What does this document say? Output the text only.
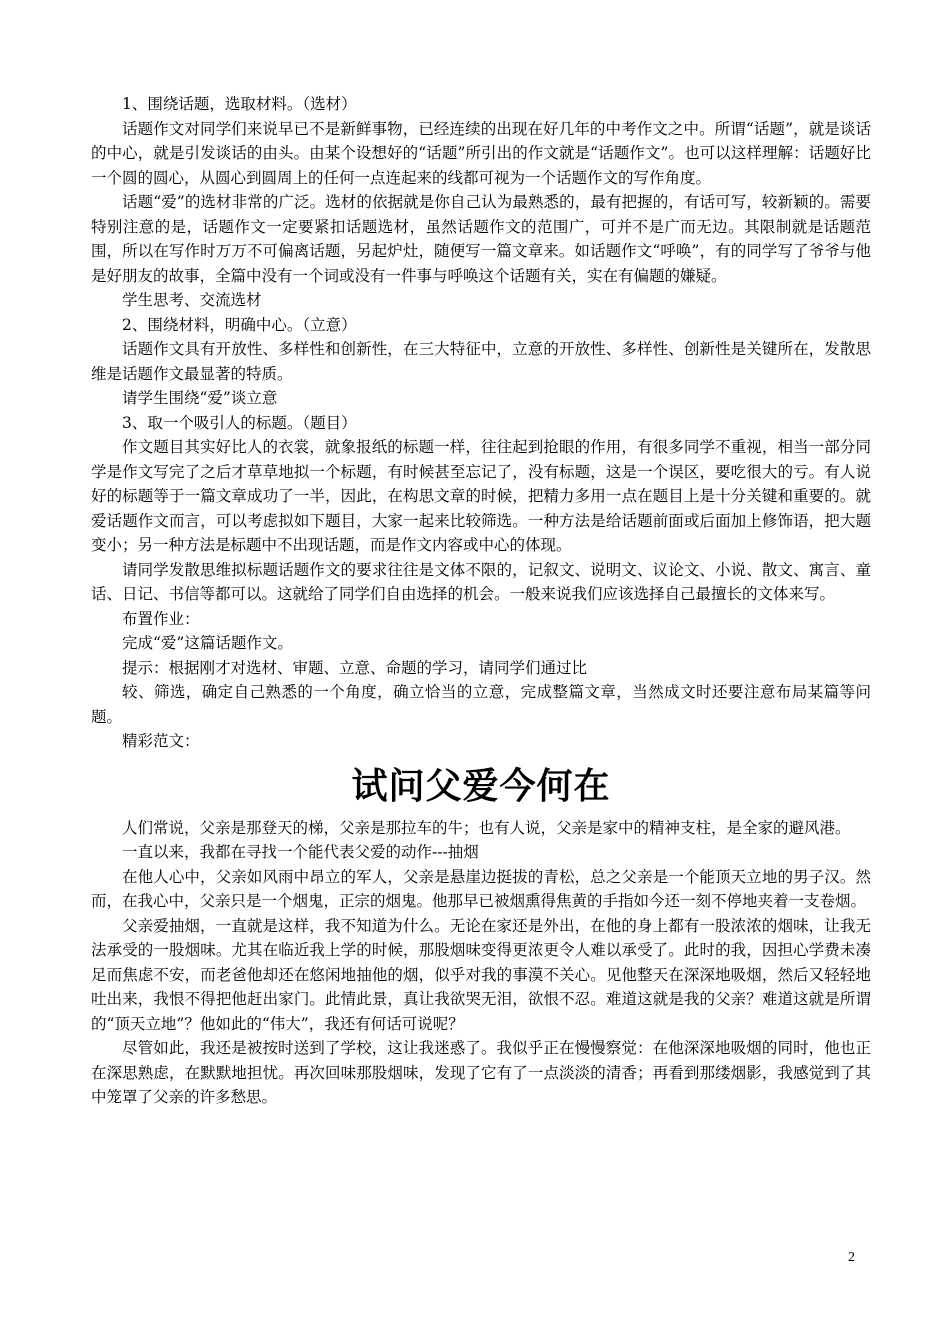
1、围绕话题，选取材料。（选材）

话题作文对同学们来说早已不是新鲜事物，已经连续的出现在好几年的中考作文之中。所谓“话题”，就是谈话的中心，就是引发谈话的由头。由某个设想好的“话题”所引出的作文就是“话题作文”。也可以这样理解：话题好比一个圆的圆心，从圆心到圆周上的任何一点连起来的线都可视为一个话题作文的写作角度。

话题“爱”的选材非常的广泛。选材的依据就是你自己认为最熟悉的，最有把握的，有话可写，较新颖的。需要特别注意的是，话题作文一定要紧扣话题选材，虽然话题作文的范围广，可并不是广而无边。其限制就是话题范围，所以在写作时万万不可偏离话题，另起炉灶，随便写一篇文章来。如话题作文“呼唤”，有的同学写了爷爷与他是好朋友的故事，全篇中没有一个词或没有一件事与呼唤这个话题有关，实在有偏题的嫌疑。

学生思考、交流选材

2、围绕材料，明确中心。（立意）

话题作文具有开放性、多样性和创新性，在三大特征中，立意的开放性、多样性、创新性是关键所在，发散思维是话题作文最显著的特质。

请学生围绕“爱”谈立意

3、取一个吸引人的标题。（题目）

作文题目其实好比人的衣裳，就象报纸的标题一样，往往起到抢眼的作用，有很多同学不重视，相当一部分同学是作文写完了之后才草草地拟一个标题，有时候甚至忘记了，没有标题，这是一个误区，要吃很大的亏。有人说好的标题等于一篇文章成功了一半，因此，在构思文章的时候，把精力多用一点在题目上是十分关键和重要的。就爱话题作文而言，可以考虑拟如下题目，大家一起来比较筛选。一种方法是给话题前面或后面加上修饰语，把大题变小；另一种方法是标题中不出现话题，而是作文内容或中心的体现。

请同学发散思维拟标题话题作文的要求往往是文体不限的，记叙文、说明文、议论文、小说、散文、寓言、童话、日记、书信等都可以。这就给了同学们自由选择的机会。一般来说我们应该选择自己最擅长的文体来写。

布置作业：

完成“爱”这篇话题作文。

提示：根据刚才对选材、审题、立意、命题的学习，请同学们通过比

较、筛选，确定自己熟悉的一个角度，确立恰当的立意，完成整篇文章，当然成文时还要注意布局某篇等问题。

精彩范文：

试问父爱今何在

人们常说，父亲是那登天的梯，父亲是那拉车的牛；也有人说，父亲是家中的精神支柱，是全家的避风港。

一直以来，我都在寻找一个能代表父爱的动作---抽烟

在他人心中，父亲如风雨中昂立的军人，父亲是悬崖边挺拔的青松，总之父亲是一个能顶天立地的男子汉。然而，在我心中，父亲只是一个烟鬼，正宗的烟鬼。他那早已被烟熏得焦黄的手指如今还一刻不停地夹着一支卷烟。

父亲爱抽烟，一直就是这样，我不知道为什么。无论在家还是外出，在他的身上都有一股浓浓的烟味，让我无法承受的一股烟味。尤其在临近我上学的时候，那股烟味变得更浓更令人难以承受了。此时的我，因担心学费未凑足而焦虑不安，而老爸他却还在悠闲地抽他的烟，似乎对我的事漠不关心。见他整天在深深地吸烟，然后又轻轻地吐出来，我恨不得把他赶出家门。此情此景，真让我欲哭无泪，欲恨不忍。难道这就是我的父亲？难道这就是所谓的“顶天立地”？他如此的“伟大”，我还有何话可说呢？

尽管如此，我还是被按时送到了学校，这让我迷惑了。我似乎正在慢慢察觉：在他深深地吸烟的同时，他也正在深思熟虑，在默默地担忧。再次回味那股烟味，发现了它有了一点淡淡的清香；再看到那缕烟影，我感觉到了其中笼罩了父亲的许多愁思。

2
